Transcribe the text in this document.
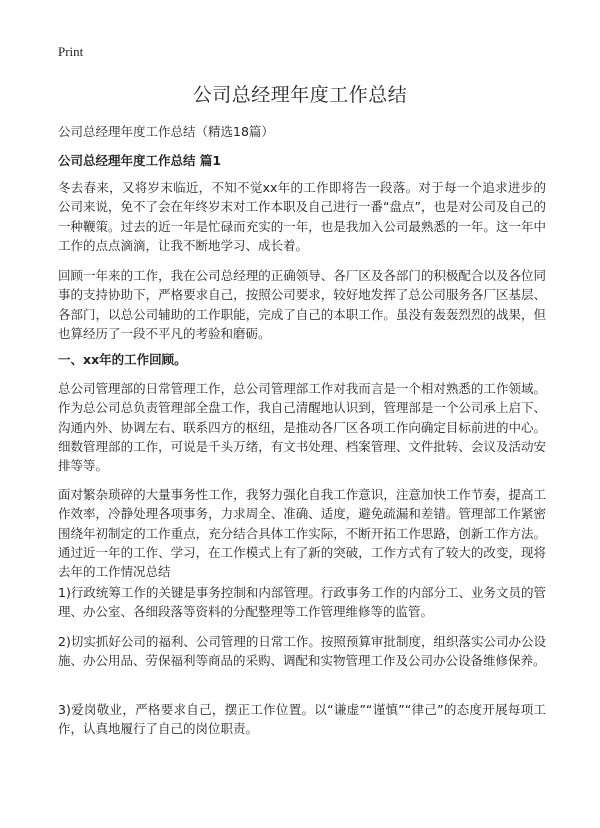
Print
公司总经理年度工作总结

公司总经理年度工作总结（精选18篇）

公司总经理年度工作总结 篇1

冬去春来，又将岁末临近，不知不觉xx年的工作即将告一段落。对于每一个追求进步的公司来说，免不了会在年终岁末对工作本职及自己进行一番“盘点”，也是对公司及自己的一种鞭策。过去的近一年是忙碌而充实的一年，也是我加入公司最熟悉的一年。这一年中工作的点点滴滴，让我不断地学习、成长着。

回顾一年来的工作，我在公司总经理的正确领导、各厂区及各部门的积极配合以及各位同事的支持协助下，严格要求自己，按照公司要求，较好地发挥了总公司服务各厂区基层、各部门，以总公司辅助的工作职能，完成了自己的本职工作。虽没有轰轰烈烈的战果，但也算经历了一段不平凡的考验和磨砺。

一、xx年的工作回顾。

总公司管理部的日常管理工作，总公司管理部工作对我而言是一个相对熟悉的工作领域。作为总公司总负责管理部全盘工作，我自己清醒地认识到，管理部是一个公司承上启下、沟通内外、协调左右、联系四方的枢纽，是推动各厂区各项工作向确定目标前进的中心。细数管理部的工作，可说是千头万绪，有文书处理、档案管理、文件批转、会议及活动安排等等。

面对繁杂琐碎的大量事务性工作，我努力强化自我工作意识，注意加快工作节奏，提高工作效率，冷静处理各项事务，力求周全、准确、适度，避免疏漏和差错。管理部工作紧密围绕年初制定的工作重点，充分结合具体工作实际，不断开拓工作思路，创新工作方法。通过近一年的工作、学习，在工作模式上有了新的突破，工作方式有了较大的改变，现将去年的工作情况总结

1)行政统筹工作的关键是事务控制和内部管理。行政事务工作的内部分工、业务文员的管理、办公室、各细段落等资料的分配整理等工作管理维修等的监管。

2)切实抓好公司的福利、公司管理的日常工作。按照预算审批制度，组织落实公司办公设施、办公用品、劳保福利等商品的采购、调配和实物管理工作及公司办公设备维修保养。

3)爱岗敬业，严格要求自己，摆正工作位置。以“谦虚”“谨慎”“律己”的态度开展每项工作，认真地履行了自己的岗位职责。
